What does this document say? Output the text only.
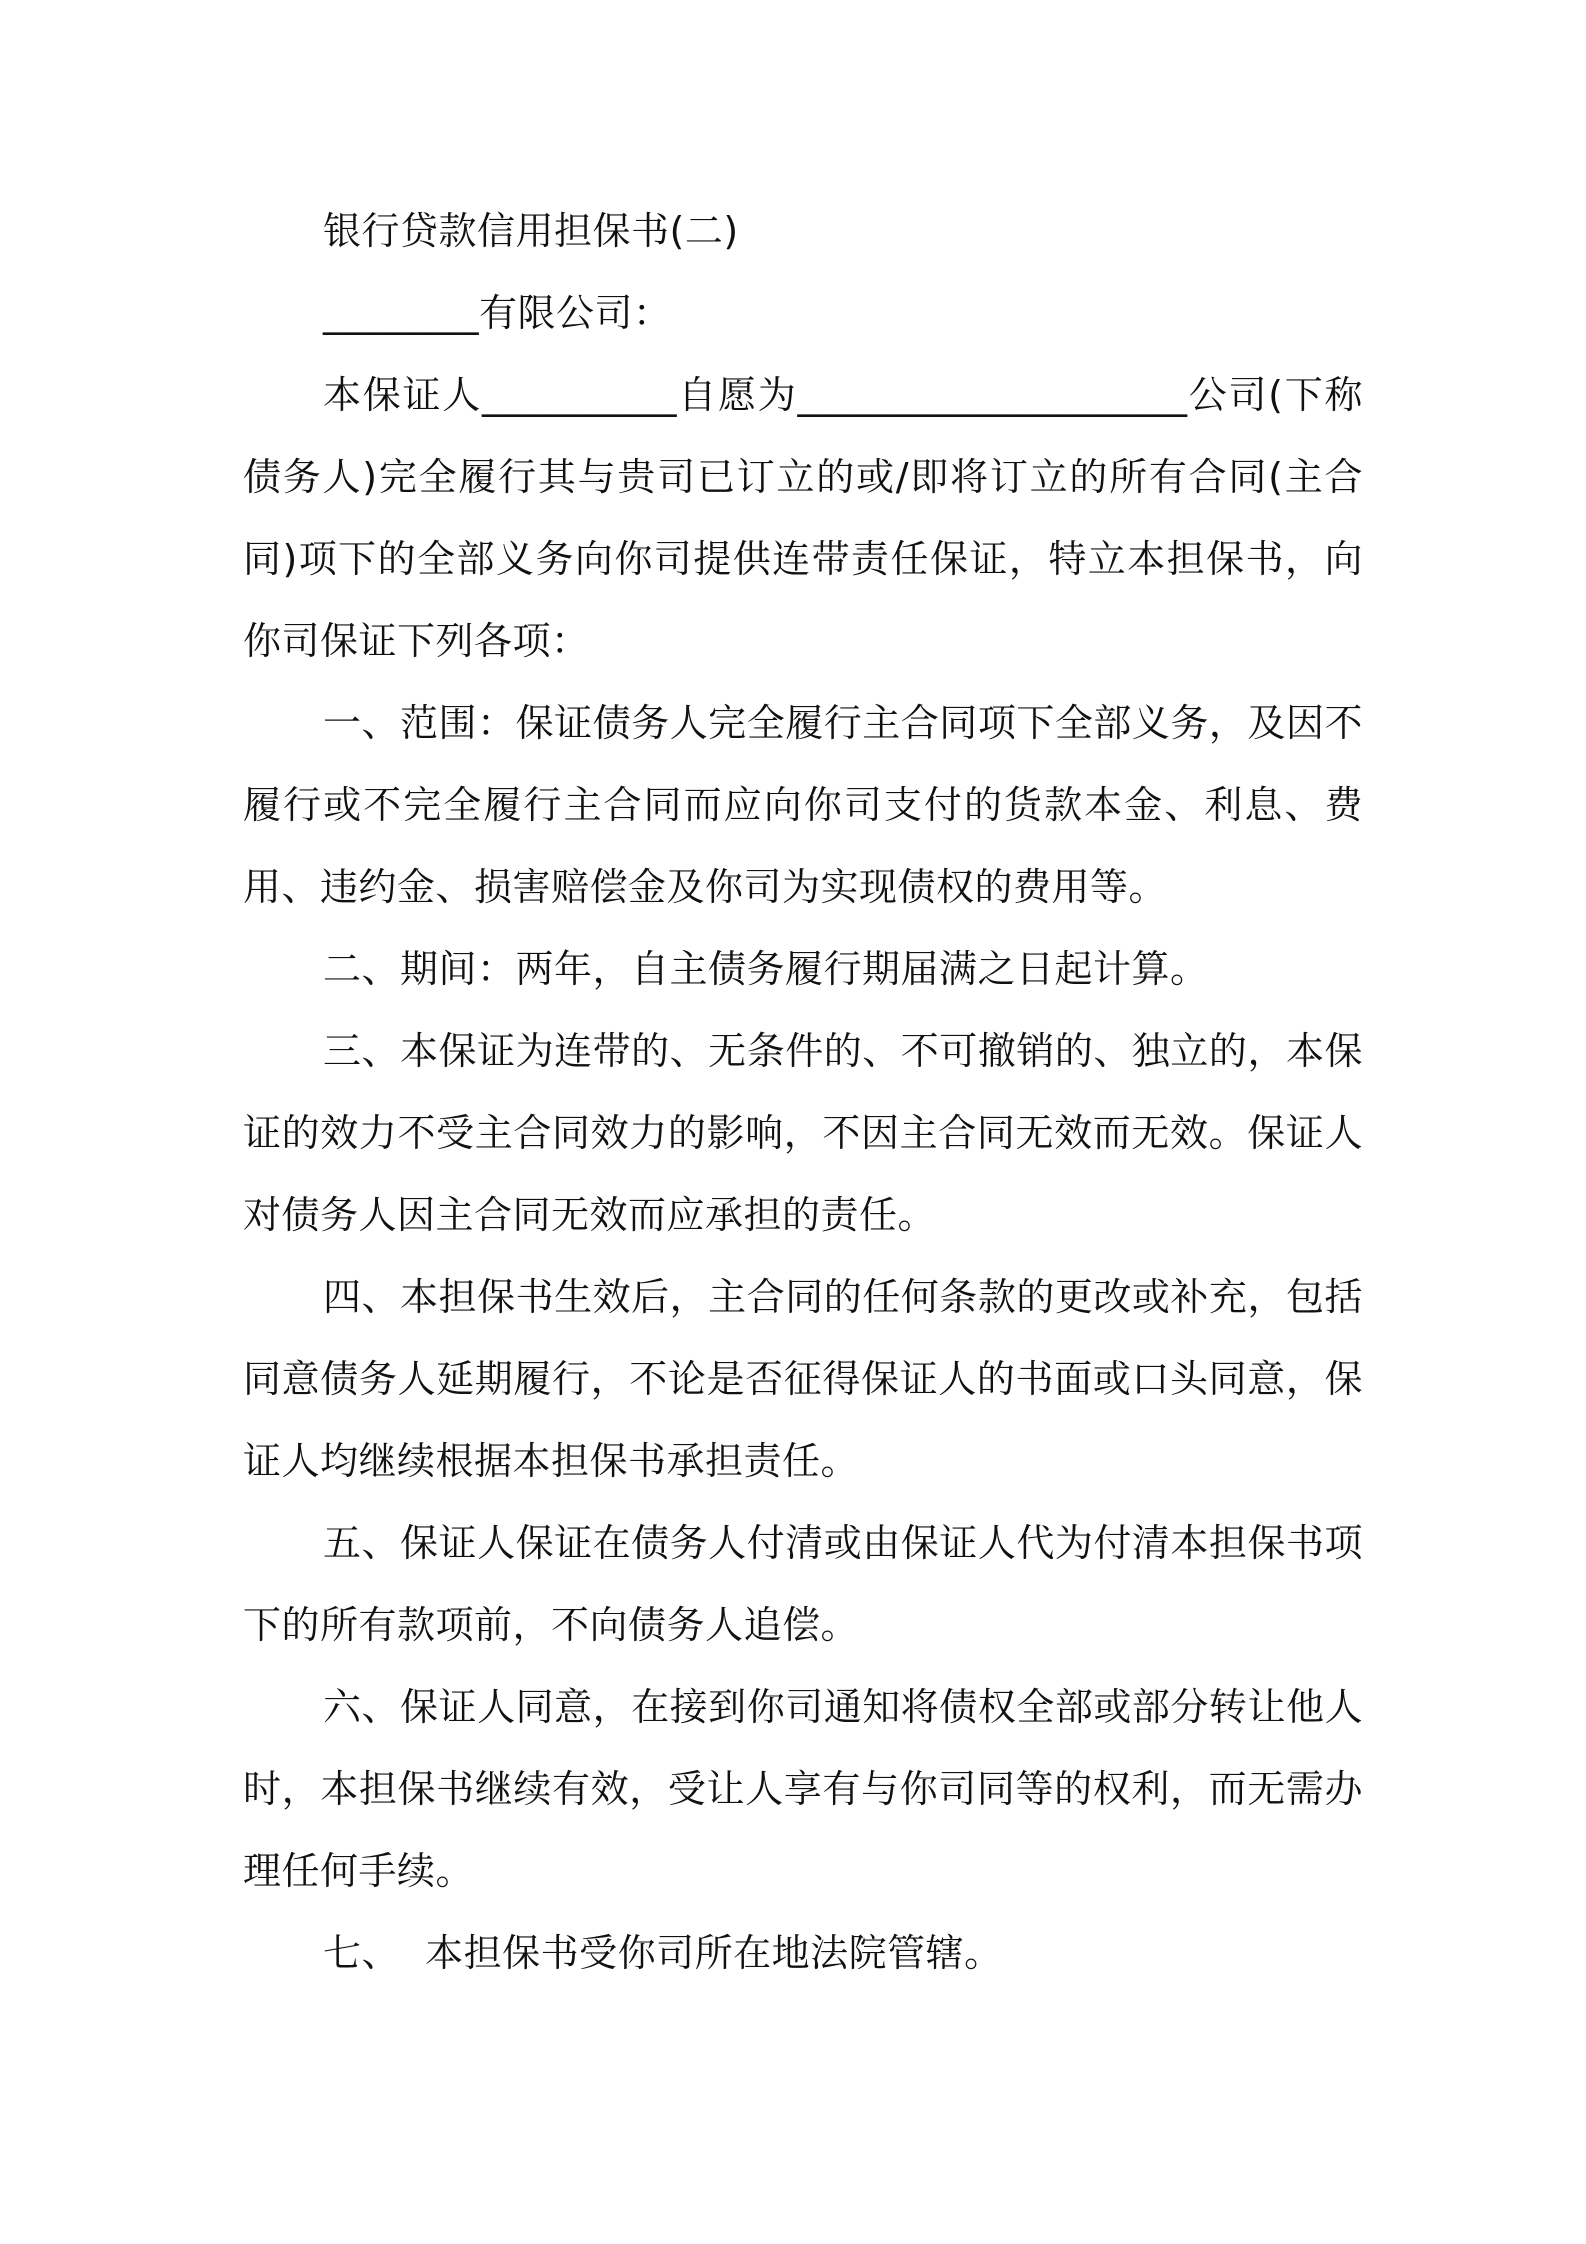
银行贷款信用担保书(二)

________有限公司：

本保证人__________自愿为____________________公司(下称债务人)完全履行其与贵司已订立的或/即将订立的所有合同(主合同)项下的全部义务向你司提供连带责任保证，特立本担保书，向你司保证下列各项：

一、范围：保证债务人完全履行主合同项下全部义务，及因不履行或不完全履行主合同而应向你司支付的货款本金、利息、费用、违约金、损害赔偿金及你司为实现债权的费用等。

二、期间：两年，自主债务履行期届满之日起计算。

三、本保证为连带的、无条件的、不可撤销的、独立的，本保证的效力不受主合同效力的影响，不因主合同无效而无效。保证人对债务人因主合同无效而应承担的责任。

四、本担保书生效后，主合同的任何条款的更改或补充，包括同意债务人延期履行，不论是否征得保证人的书面或口头同意，保证人均继续根据本担保书承担责任。

五、保证人保证在债务人付清或由保证人代为付清本担保书项下的所有款项前，不向债务人追偿。

六、保证人同意，在接到你司通知将债权全部或部分转让他人时，本担保书继续有效，受让人享有与你司同等的权利，而无需办理任何手续。

七、  本担保书受你司所在地法院管辖。
